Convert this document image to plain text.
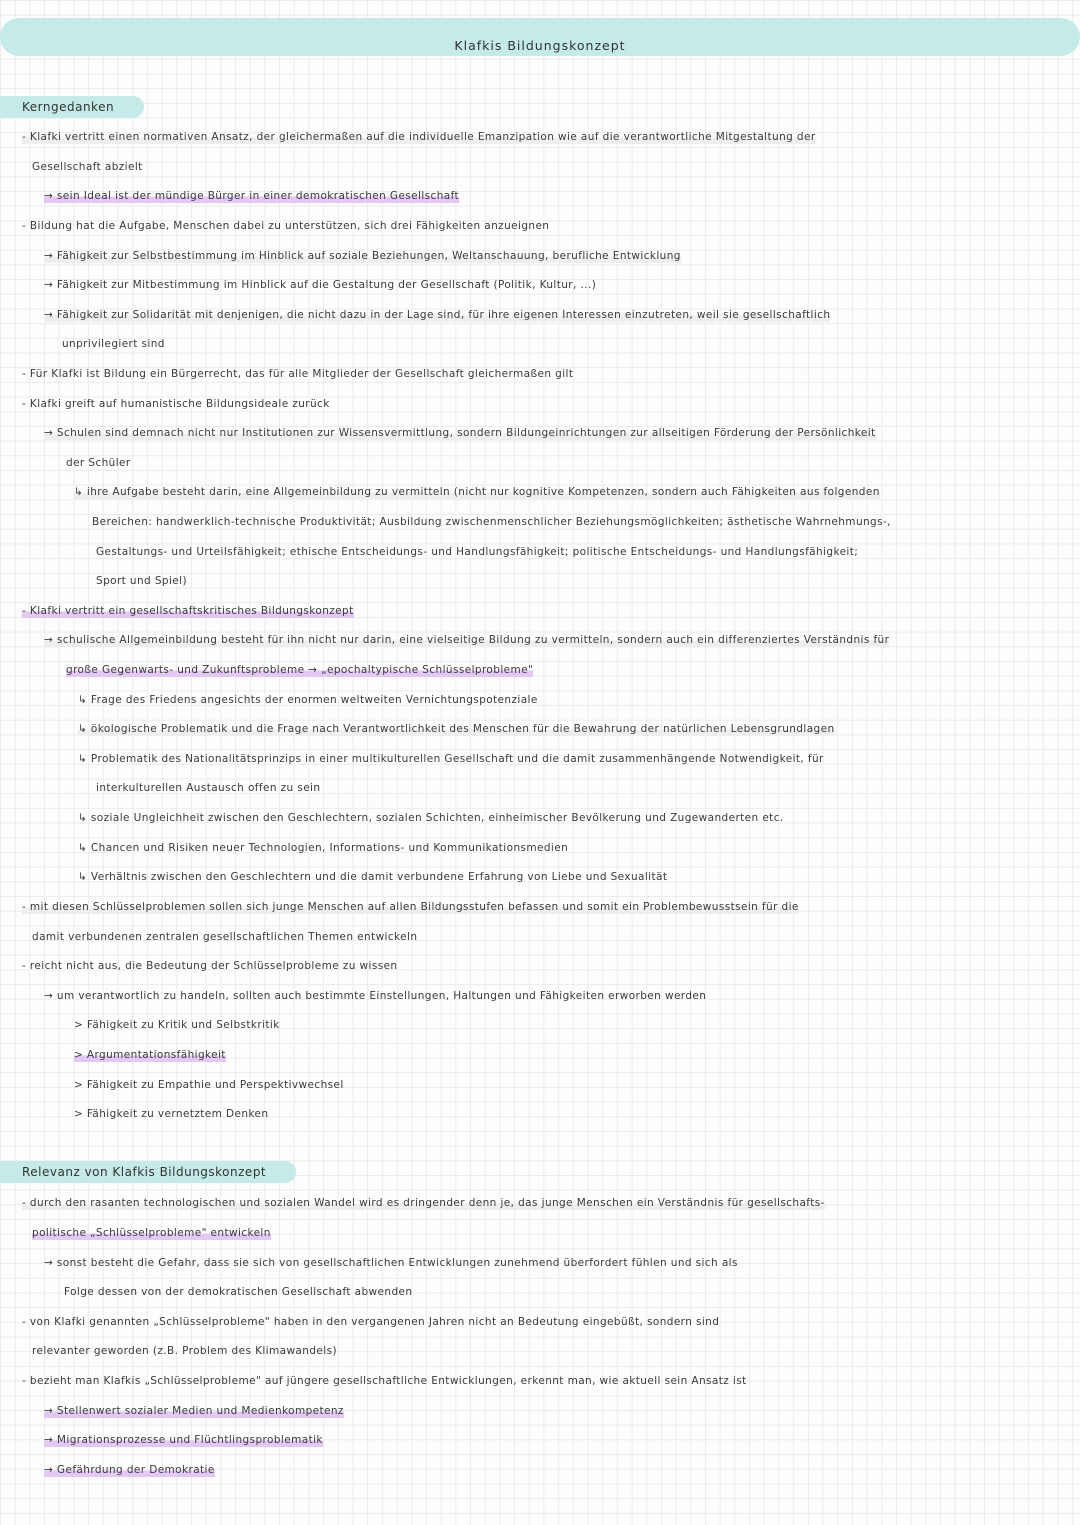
Klafkis Bildungskonzept
Kerngedanken
- Klafki vertritt einen normativen Ansatz, der gleichermaßen auf die individuelle Emanzipation wie auf die verantwortliche Mitgestaltung der
Gesellschaft abzielt
→ sein Ideal ist der mündige Bürger in einer demokratischen Gesellschaft
- Bildung hat die Aufgabe, Menschen dabei zu unterstützen, sich drei Fähigkeiten anzueignen
→ Fähigkeit zur Selbstbestimmung im Hinblick auf soziale Beziehungen, Weltanschauung, berufliche Entwicklung
→ Fähigkeit zur Mitbestimmung im Hinblick auf die Gestaltung der Gesellschaft (Politik, Kultur, ...)
→ Fähigkeit zur Solidarität mit denjenigen, die nicht dazu in der Lage sind, für ihre eigenen Interessen einzutreten, weil sie gesellschaftlich
unprivilegiert sind
- Für Klafki ist Bildung ein Bürgerrecht, das für alle Mitglieder der Gesellschaft gleichermaßen gilt
- Klafki greift auf humanistische Bildungsideale zurück
→ Schulen sind demnach nicht nur Institutionen zur Wissensvermittlung, sondern Bildungeinrichtungen zur allseitigen Förderung der Persönlichkeit
der Schüler
↳ ihre Aufgabe besteht darin, eine Allgemeinbildung zu vermitteln (nicht nur kognitive Kompetenzen, sondern auch Fähigkeiten aus folgenden
Bereichen: handwerklich-technische Produktivität; Ausbildung zwischenmenschlicher Beziehungsmöglichkeiten; ästhetische Wahrnehmungs-,
Gestaltungs- und Urteilsfähigkeit; ethische Entscheidungs- und Handlungsfähigkeit; politische Entscheidungs- und Handlungsfähigkeit;
Sport und Spiel)
- Klafki vertritt ein gesellschaftskritisches Bildungskonzept
→ schulische Allgemeinbildung besteht für ihn nicht nur darin, eine vielseitige Bildung zu vermitteln, sondern auch ein differenziertes Verständnis für
große Gegenwarts- und Zukunftsprobleme → „epochaltypische Schlüsselprobleme"
↳ Frage des Friedens angesichts der enormen weltweiten Vernichtungspotenziale
↳ ökologische Problematik und die Frage nach Verantwortlichkeit des Menschen für die Bewahrung der natürlichen Lebensgrundlagen
↳ Problematik des Nationalitätsprinzips in einer multikulturellen Gesellschaft und die damit zusammenhängende Notwendigkeit, für
interkulturellen Austausch offen zu sein
↳ soziale Ungleichheit zwischen den Geschlechtern, sozialen Schichten, einheimischer Bevölkerung und Zugewanderten etc.
↳ Chancen und Risiken neuer Technologien, Informations- und Kommunikationsmedien
↳ Verhältnis zwischen den Geschlechtern und die damit verbundene Erfahrung von Liebe und Sexualität
- mit diesen Schlüsselproblemen sollen sich junge Menschen auf allen Bildungsstufen befassen und somit ein Problembewusstsein für die
damit verbundenen zentralen gesellschaftlichen Themen entwickeln
- reicht nicht aus, die Bedeutung der Schlüsselprobleme zu wissen
→ um verantwortlich zu handeln, sollten auch bestimmte Einstellungen, Haltungen und Fähigkeiten erworben werden
> Fähigkeit zu Kritik und Selbstkritik
> Argumentationsfähigkeit
> Fähigkeit zu Empathie und Perspektivwechsel
> Fähigkeit zu vernetztem Denken
Relevanz von Klafkis Bildungskonzept
- durch den rasanten technologischen und sozialen Wandel wird es dringender denn je, das junge Menschen ein Verständnis für gesellschafts-
politische „Schlüsselprobleme" entwickeln
→ sonst besteht die Gefahr, dass sie sich von gesellschaftlichen Entwicklungen zunehmend überfordert fühlen und sich als
Folge dessen von der demokratischen Gesellschaft abwenden
- von Klafki genannten „Schlüsselprobleme" haben in den vergangenen Jahren nicht an Bedeutung eingebüßt, sondern sind
relevanter geworden (z.B. Problem des Klimawandels)
- bezieht man Klafkis „Schlüsselprobleme" auf jüngere gesellschaftliche Entwicklungen, erkennt man, wie aktuell sein Ansatz ist
→ Stellenwert sozialer Medien und Medienkompetenz
→ Migrationsprozesse und Flüchtlingsproblematik
→ Gefährdung der Demokratie
